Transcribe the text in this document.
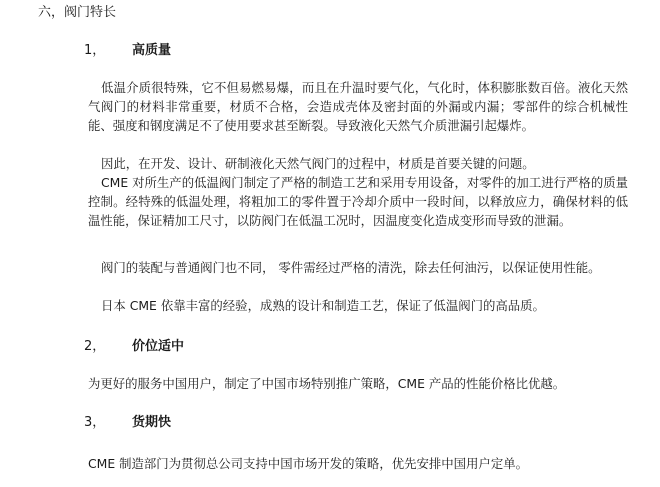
六，阀门特长
1， 高质量

低温介质很特殊，它不但易燃易爆，而且在升温时要气化，气化时，体积膨胀数百倍。液化天然气阀门的材料非常重要，材质不合格，会造成壳体及密封面的外漏或内漏；零部件的综合机械性能、强度和钢度满足不了使用要求甚至断裂。导致液化天然气介质泄漏引起爆炸。

因此，在开发、设计、研制液化天然气阀门的过程中，材质是首要关键的问题。

CME 对所生产的低温阀门制定了严格的制造工艺和采用专用设备，对零件的加工进行严格的质量控制。经特殊的低温处理，将粗加工的零件置于冷却介质中一段时间，以释放应力，确保材料的低温性能，保证精加工尺寸，以防阀门在低温工况时，因温度变化造成变形而导致的泄漏。

阀门的装配与普通阀门也不同， 零件需经过严格的清洗，除去任何油污，以保证使用性能。

日本 CME 依靠丰富的经验，成熟的设计和制造工艺，保证了低温阀门的高品质。

2， 价位适中

为更好的服务中国用户，制定了中国市场特别推广策略，CME 产品的性能价格比优越。

3， 货期快

CME 制造部门为贯彻总公司支持中国市场开发的策略，优先安排中国用户定单。
